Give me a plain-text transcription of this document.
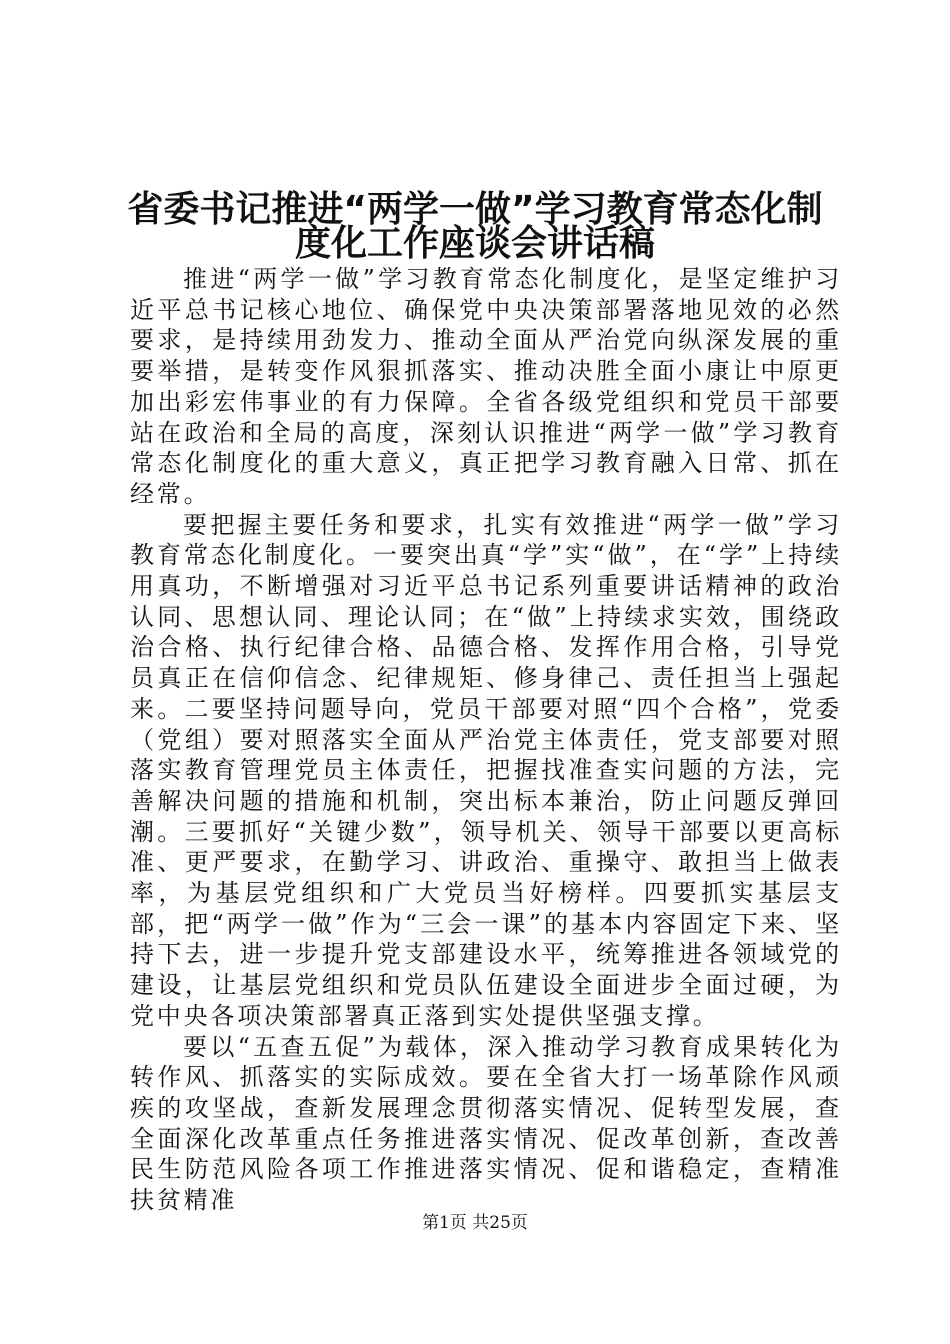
省委书记推进“两学一做”学习教育常态化制
度化工作座谈会讲话稿

推进“两学一做”学习教育常态化制度化，是坚定维护习近平总书记核心地位、确保党中央决策部署落地见效的必然要求，是持续用劲发力、推动全面从严治党向纵深发展的重要举措，是转变作风狠抓落实、推动决胜全面小康让中原更加出彩宏伟事业的有力保障。全省各级党组织和党员干部要站在政治和全局的高度，深刻认识推进“两学一做”学习教育常态化制度化的重大意义，真正把学习教育融入日常、抓在经常。

要把握主要任务和要求，扎实有效推进“两学一做”学习教育常态化制度化。一要突出真“学”实“做”，在“学”上持续用真功，不断增强对习近平总书记系列重要讲话精神的政治认同、思想认同、理论认同；在“做”上持续求实效，围绕政治合格、执行纪律合格、品德合格、发挥作用合格，引导党员真正在信仰信念、纪律规矩、修身律己、责任担当上强起来。二要坚持问题导向，党员干部要对照“四个合格”，党委（党组）要对照落实全面从严治党主体责任，党支部要对照落实教育管理党员主体责任，把握找准查实问题的方法，完善解决问题的措施和机制，突出标本兼治，防止问题反弹回潮。三要抓好“关键少数”，领导机关、领导干部要以更高标准、更严要求，在勤学习、讲政治、重操守、敢担当上做表率，为基层党组织和广大党员当好榜样。四要抓实基层支部，把“两学一做”作为“三会一课”的基本内容固定下来、坚持下去，进一步提升党支部建设水平，统筹推进各领域党的建设，让基层党组织和党员队伍建设全面进步全面过硬，为党中央各项决策部署真正落到实处提供坚强支撑。

要以“五查五促”为载体，深入推动学习教育成果转化为转作风、抓落实的实际成效。要在全省大打一场革除作风顽疾的攻坚战，查新发展理念贯彻落实情况、促转型发展，查全面深化改革重点任务推进落实情况、促改革创新，查改善民生防范风险各项工作推进落实情况、促和谐稳定，查精准扶贫精准

第1页 共25页
